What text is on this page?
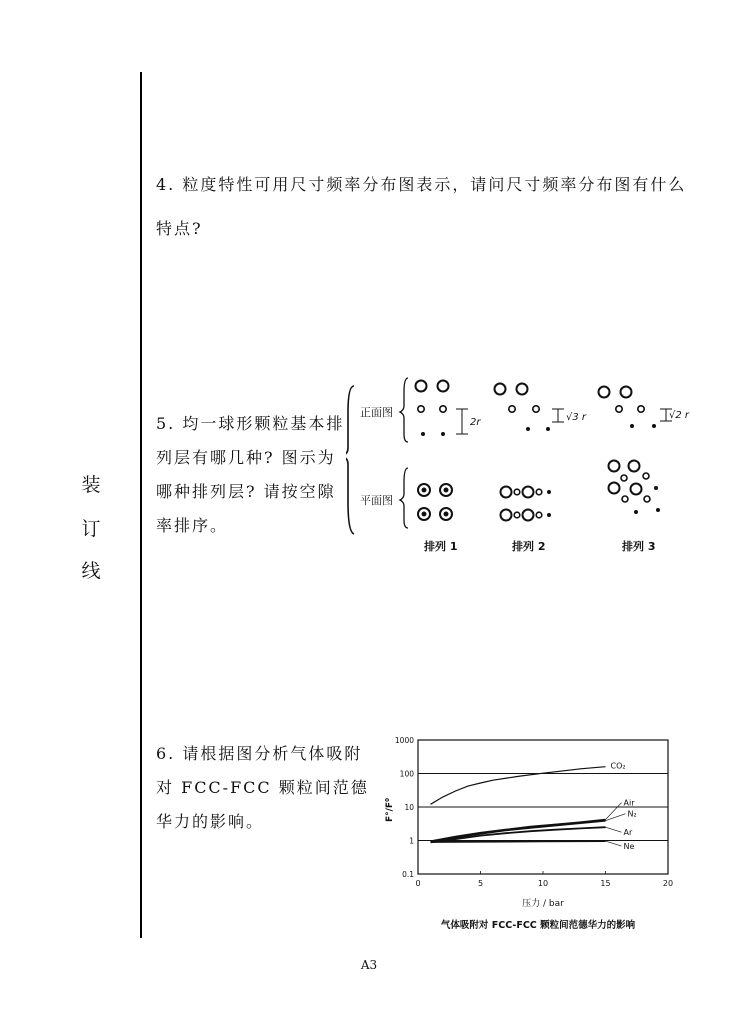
装
订
线

4. 粒度特性可用尺寸频率分布图表示，请问尺寸频率分布图有什么特点?

5. 均一球形颗粒基本排列层有哪几种? 图示为哪种排列层? 请按空隙率排序。

6. 请根据图分析气体吸附对 FCC-FCC 颗粒间范德华力的影响。

正面图
平面图
2r	√3 r	√2 r
排列 1	排列 2	排列 3
CO₂
Air
N₂
Ar
Ne
0.1
1
10
100
1000
0	5	10	15	20
F°/F⁰
压力 / bar
气体吸附对 FCC-FCC 颗粒间范德华力的影响
A3
